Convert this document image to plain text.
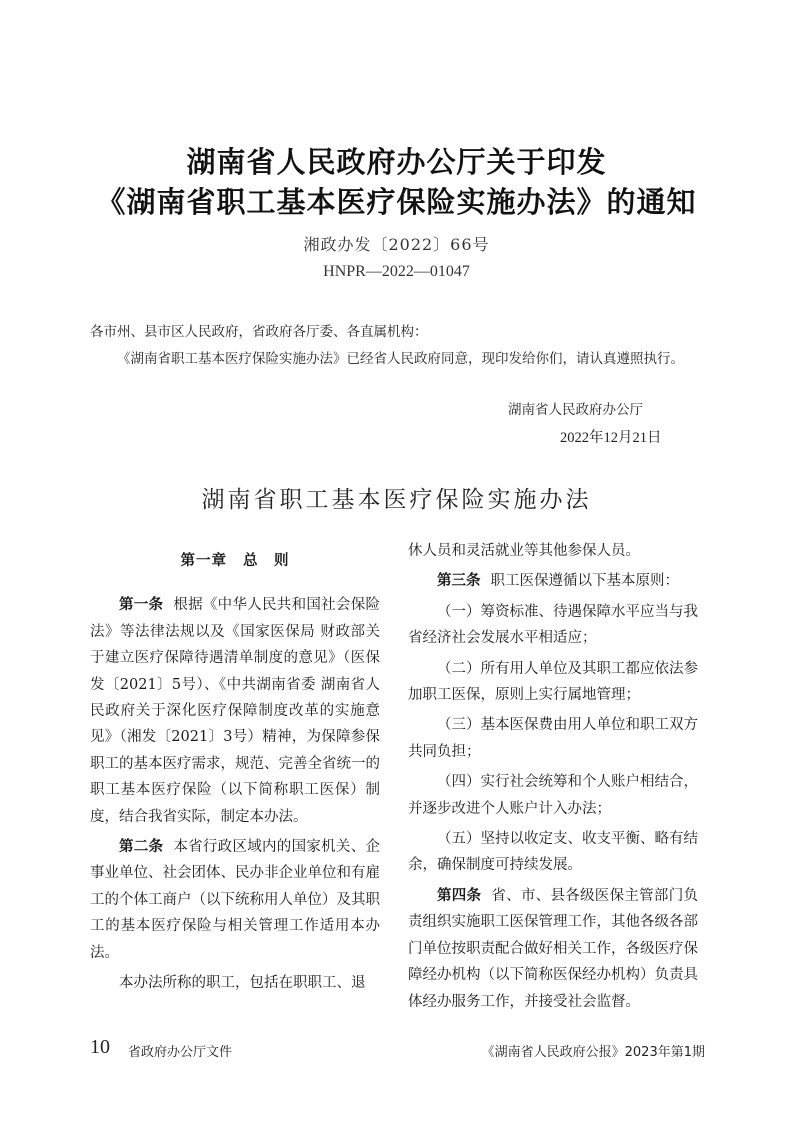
湖南省人民政府办公厅关于印发
《湖南省职工基本医疗保险实施办法》的通知
湘政办发〔2022〕66号
HNPR—2022—01047
各市州、县市区人民政府，省政府各厅委、各直属机构：
《湖南省职工基本医疗保险实施办法》已经省人民政府同意，现印发给你们，请认真遵照执行。
湖南省人民政府办公厅
2022年12月21日
湖南省职工基本医疗保险实施办法
第一章 总　则

第一条 根据《中华人民共和国社会保险法》等法律法规以及《国家医保局 财政部关于建立医疗保障待遇清单制度的意见》（医保发〔2021〕5号）、《中共湖南省委 湖南省人民政府关于深化医疗保障制度改革的实施意见》（湘发〔2021〕3号）精神，为保障参保职工的基本医疗需求，规范、完善全省统一的职工基本医疗保险（以下简称职工医保）制度，结合我省实际，制定本办法。

第二条 本省行政区域内的国家机关、企事业单位、社会团体、民办非企业单位和有雇工的个体工商户（以下统称用人单位）及其职工的基本医疗保险与相关管理工作适用本办法。

本办法所称的职工，包括在职职工、退

休人员和灵活就业等其他参保人员。

第三条 职工医保遵循以下基本原则：

（一）筹资标准、待遇保障水平应当与我省经济社会发展水平相适应；

（二）所有用人单位及其职工都应依法参加职工医保，原则上实行属地管理；

（三）基本医保费由用人单位和职工双方共同负担；

（四）实行社会统筹和个人账户相结合，并逐步改进个人账户计入办法；

（五）坚持以收定支、收支平衡、略有结余，确保制度可持续发展。

第四条 省、市、县各级医保主管部门负责组织实施职工医保管理工作，其他各级各部门单位按职责配合做好相关工作，各级医疗保障经办机构（以下简称医保经办机构）负责具体经办服务工作，并接受社会监督。

10 省政府办公厅文件	《湖南省人民政府公报》2023年第1期
